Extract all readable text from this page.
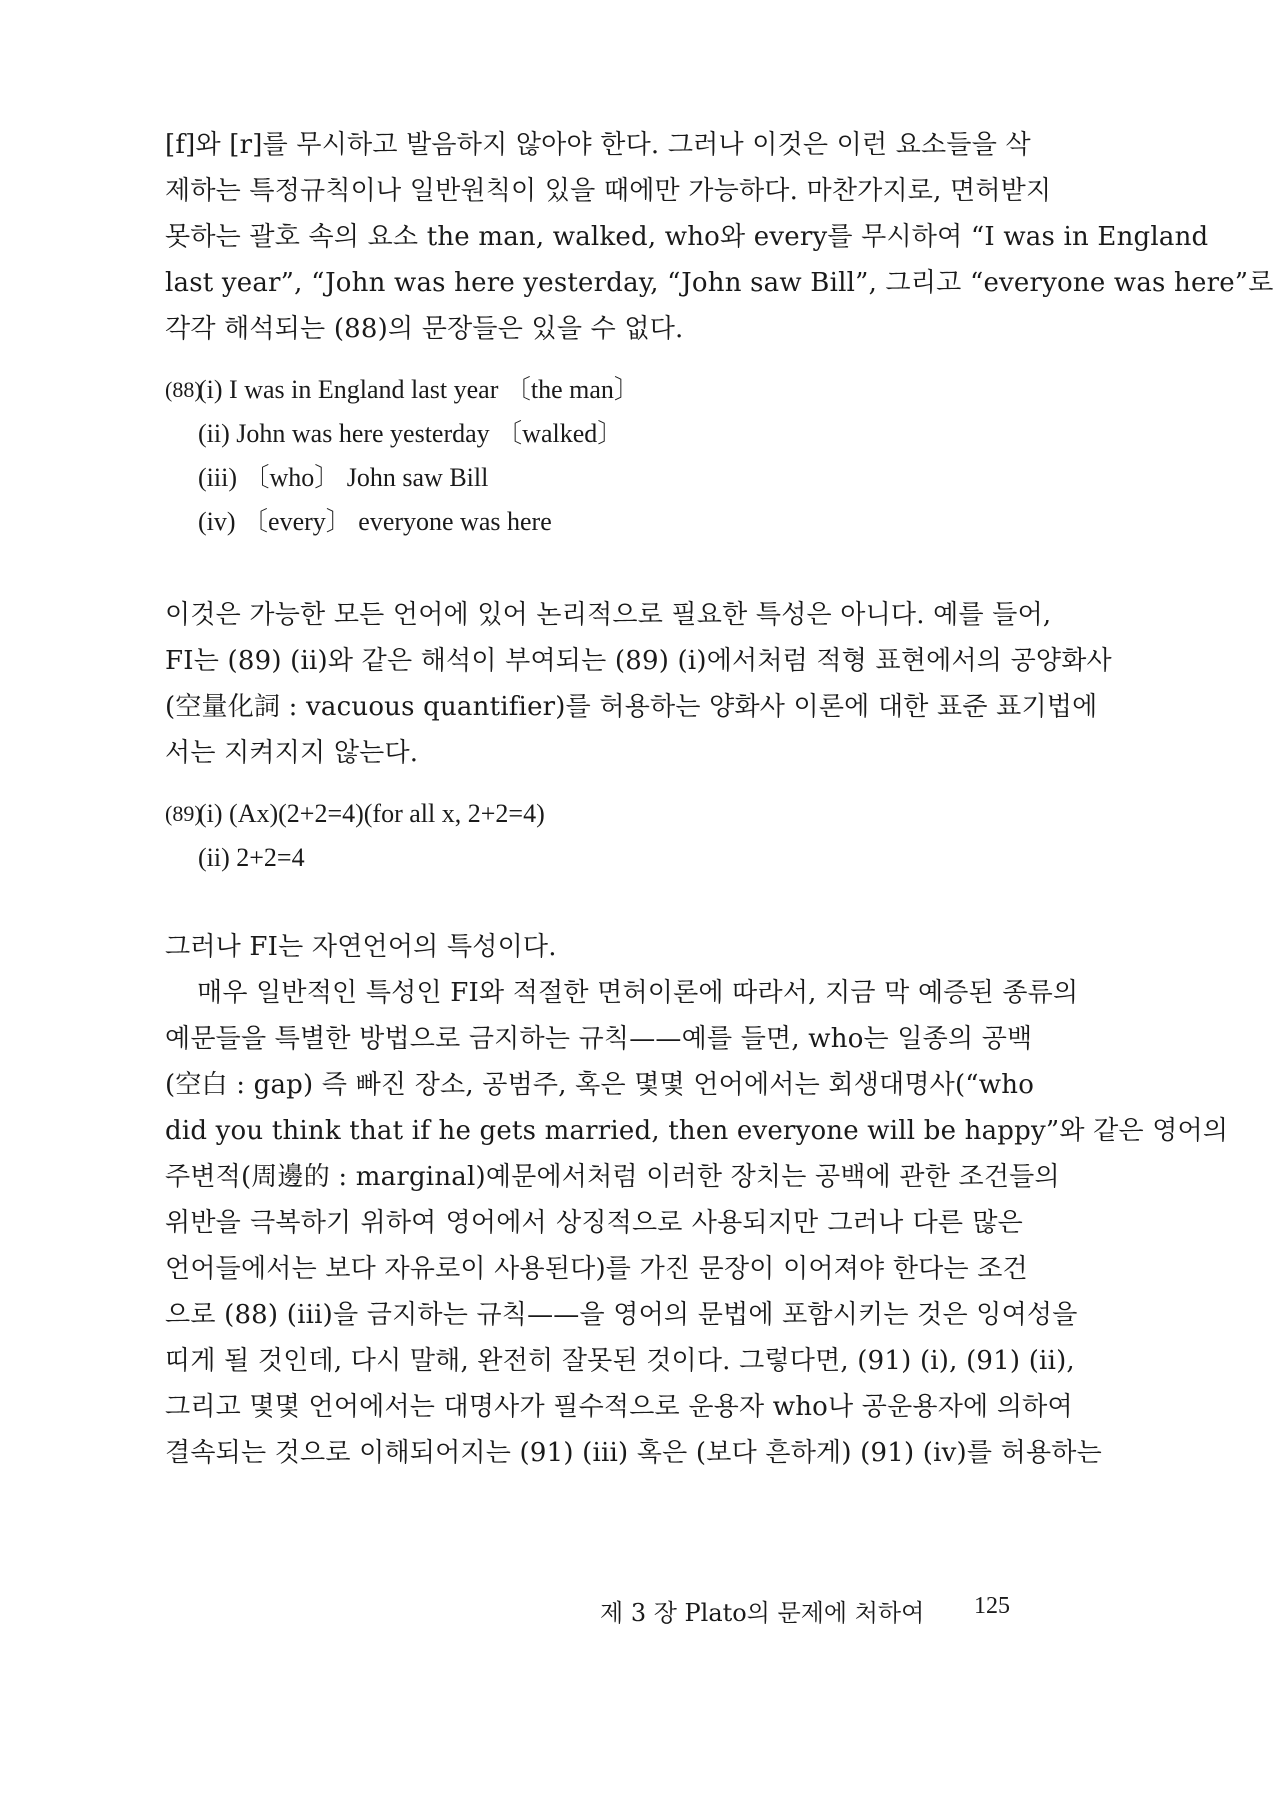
[f]와 [r]를 무시하고 발음하지 않아야 한다. 그러나 이것은 이런 요소들을 삭
제하는 특정규칙이나 일반원칙이 있을 때에만 가능하다. 마찬가지로, 면허받지
못하는 괄호 속의 요소 the man, walked, who와 every를 무시하여 “I was in England
last year”, “John was here yesterday, “John saw Bill”, 그리고 “everyone was here”로
각각 해석되는 (88)의 문장들은 있을 수 없다.
(88)
(i) I was in England last year 〔the man〕
(ii) John was here yesterday 〔walked〕
(iii) 〔who〕 John saw Bill
(iv) 〔every〕 everyone was here
이것은 가능한 모든 언어에 있어 논리적으로 필요한 특성은 아니다. 예를 들어,
FI는 (89) (ii)와 같은 해석이 부여되는 (89) (i)에서처럼 적형 표현에서의 공양화사
(空量化詞 : vacuous quantifier)를 허용하는 양화사 이론에 대한 표준 표기법에
서는 지켜지지 않는다.
(89)
(i) (Ax)(2+2=4)(for all x, 2+2=4)
(ii) 2+2=4
그러나 FI는 자연언어의 특성이다.
매우 일반적인 특성인 FI와 적절한 면허이론에 따라서, 지금 막 예증된 종류의
예문들을 특별한 방법으로 금지하는 규칙——예를 들면, who는 일종의 공백
(空白 : gap) 즉 빠진 장소, 공범주, 혹은 몇몇 언어에서는 회생대명사(“who
did you think that if he gets married, then everyone will be happy”와 같은 영어의
주변적(周邊的 : marginal)예문에서처럼 이러한 장치는 공백에 관한 조건들의
위반을 극복하기 위하여 영어에서 상징적으로 사용되지만 그러나 다른 많은
언어들에서는 보다 자유로이 사용된다)를 가진 문장이 이어져야 한다는 조건
으로 (88) (iii)을 금지하는 규칙——을 영어의 문법에 포함시키는 것은 잉여성을
띠게 될 것인데, 다시 말해, 완전히 잘못된 것이다. 그렇다면, (91) (i), (91) (ii),
그리고 몇몇 언어에서는 대명사가 필수적으로 운용자 who나 공운용자에 의하여
결속되는 것으로 이해되어지는 (91) (iii) 혹은 (보다 흔하게) (91) (iv)를 허용하는
제 3 장 Plato의 문제에 처하여 125
